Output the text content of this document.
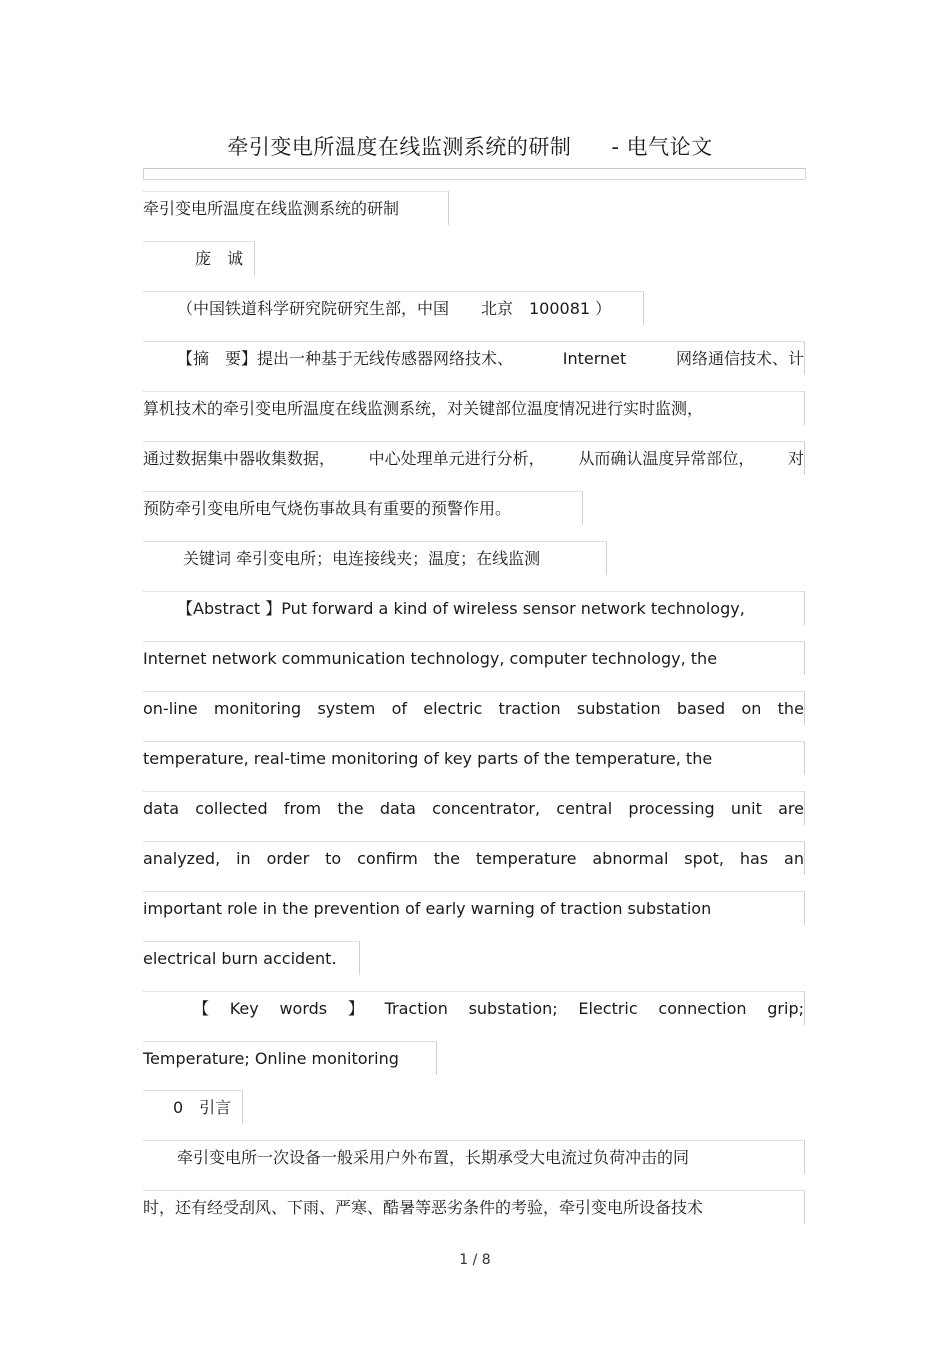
牵引变电所温度在线监测系统的研制 - 电气论文
牵引变电所温度在线监测系统的研制
庞　诚
（中国铁道科学研究院研究生部，中国　　北京　100081 ）
【摘　要】提出一种基于无线传感器网络技术、	Internet	网络通信技术、计
算机技术的牵引变电所温度在线监测系统，对关键部位温度情况进行实时监测，
通过数据集中器收集数据， 中心处理单元进行分析， 从而确认温度异常部位， 对
预防牵引变电所电气烧伤事故具有重要的预警作用。
关键词 牵引变电所；电连接线夹；温度；在线监测
【Abstract 】Put forward a kind of wireless sensor network technology,
Internet network communication technology, computer technology, the
on-line monitoring system of electric traction substation based on the
temperature, real-time monitoring of key parts of the temperature, the
data collected from the data concentrator, central processing unit are
analyzed, in order to confirm the temperature abnormal spot, has an
important role in the prevention of early warning of traction substation
electrical burn accident.
【 Key words 】 Traction substation; Electric connection grip;
Temperature; Online monitoring
0　引言
牵引变电所一次设备一般采用户外布置，长期承受大电流过负荷冲击的同
时，还有经受刮风、下雨、严寒、酷暑等恶劣条件的考验，牵引变电所设备技术
1 / 8
